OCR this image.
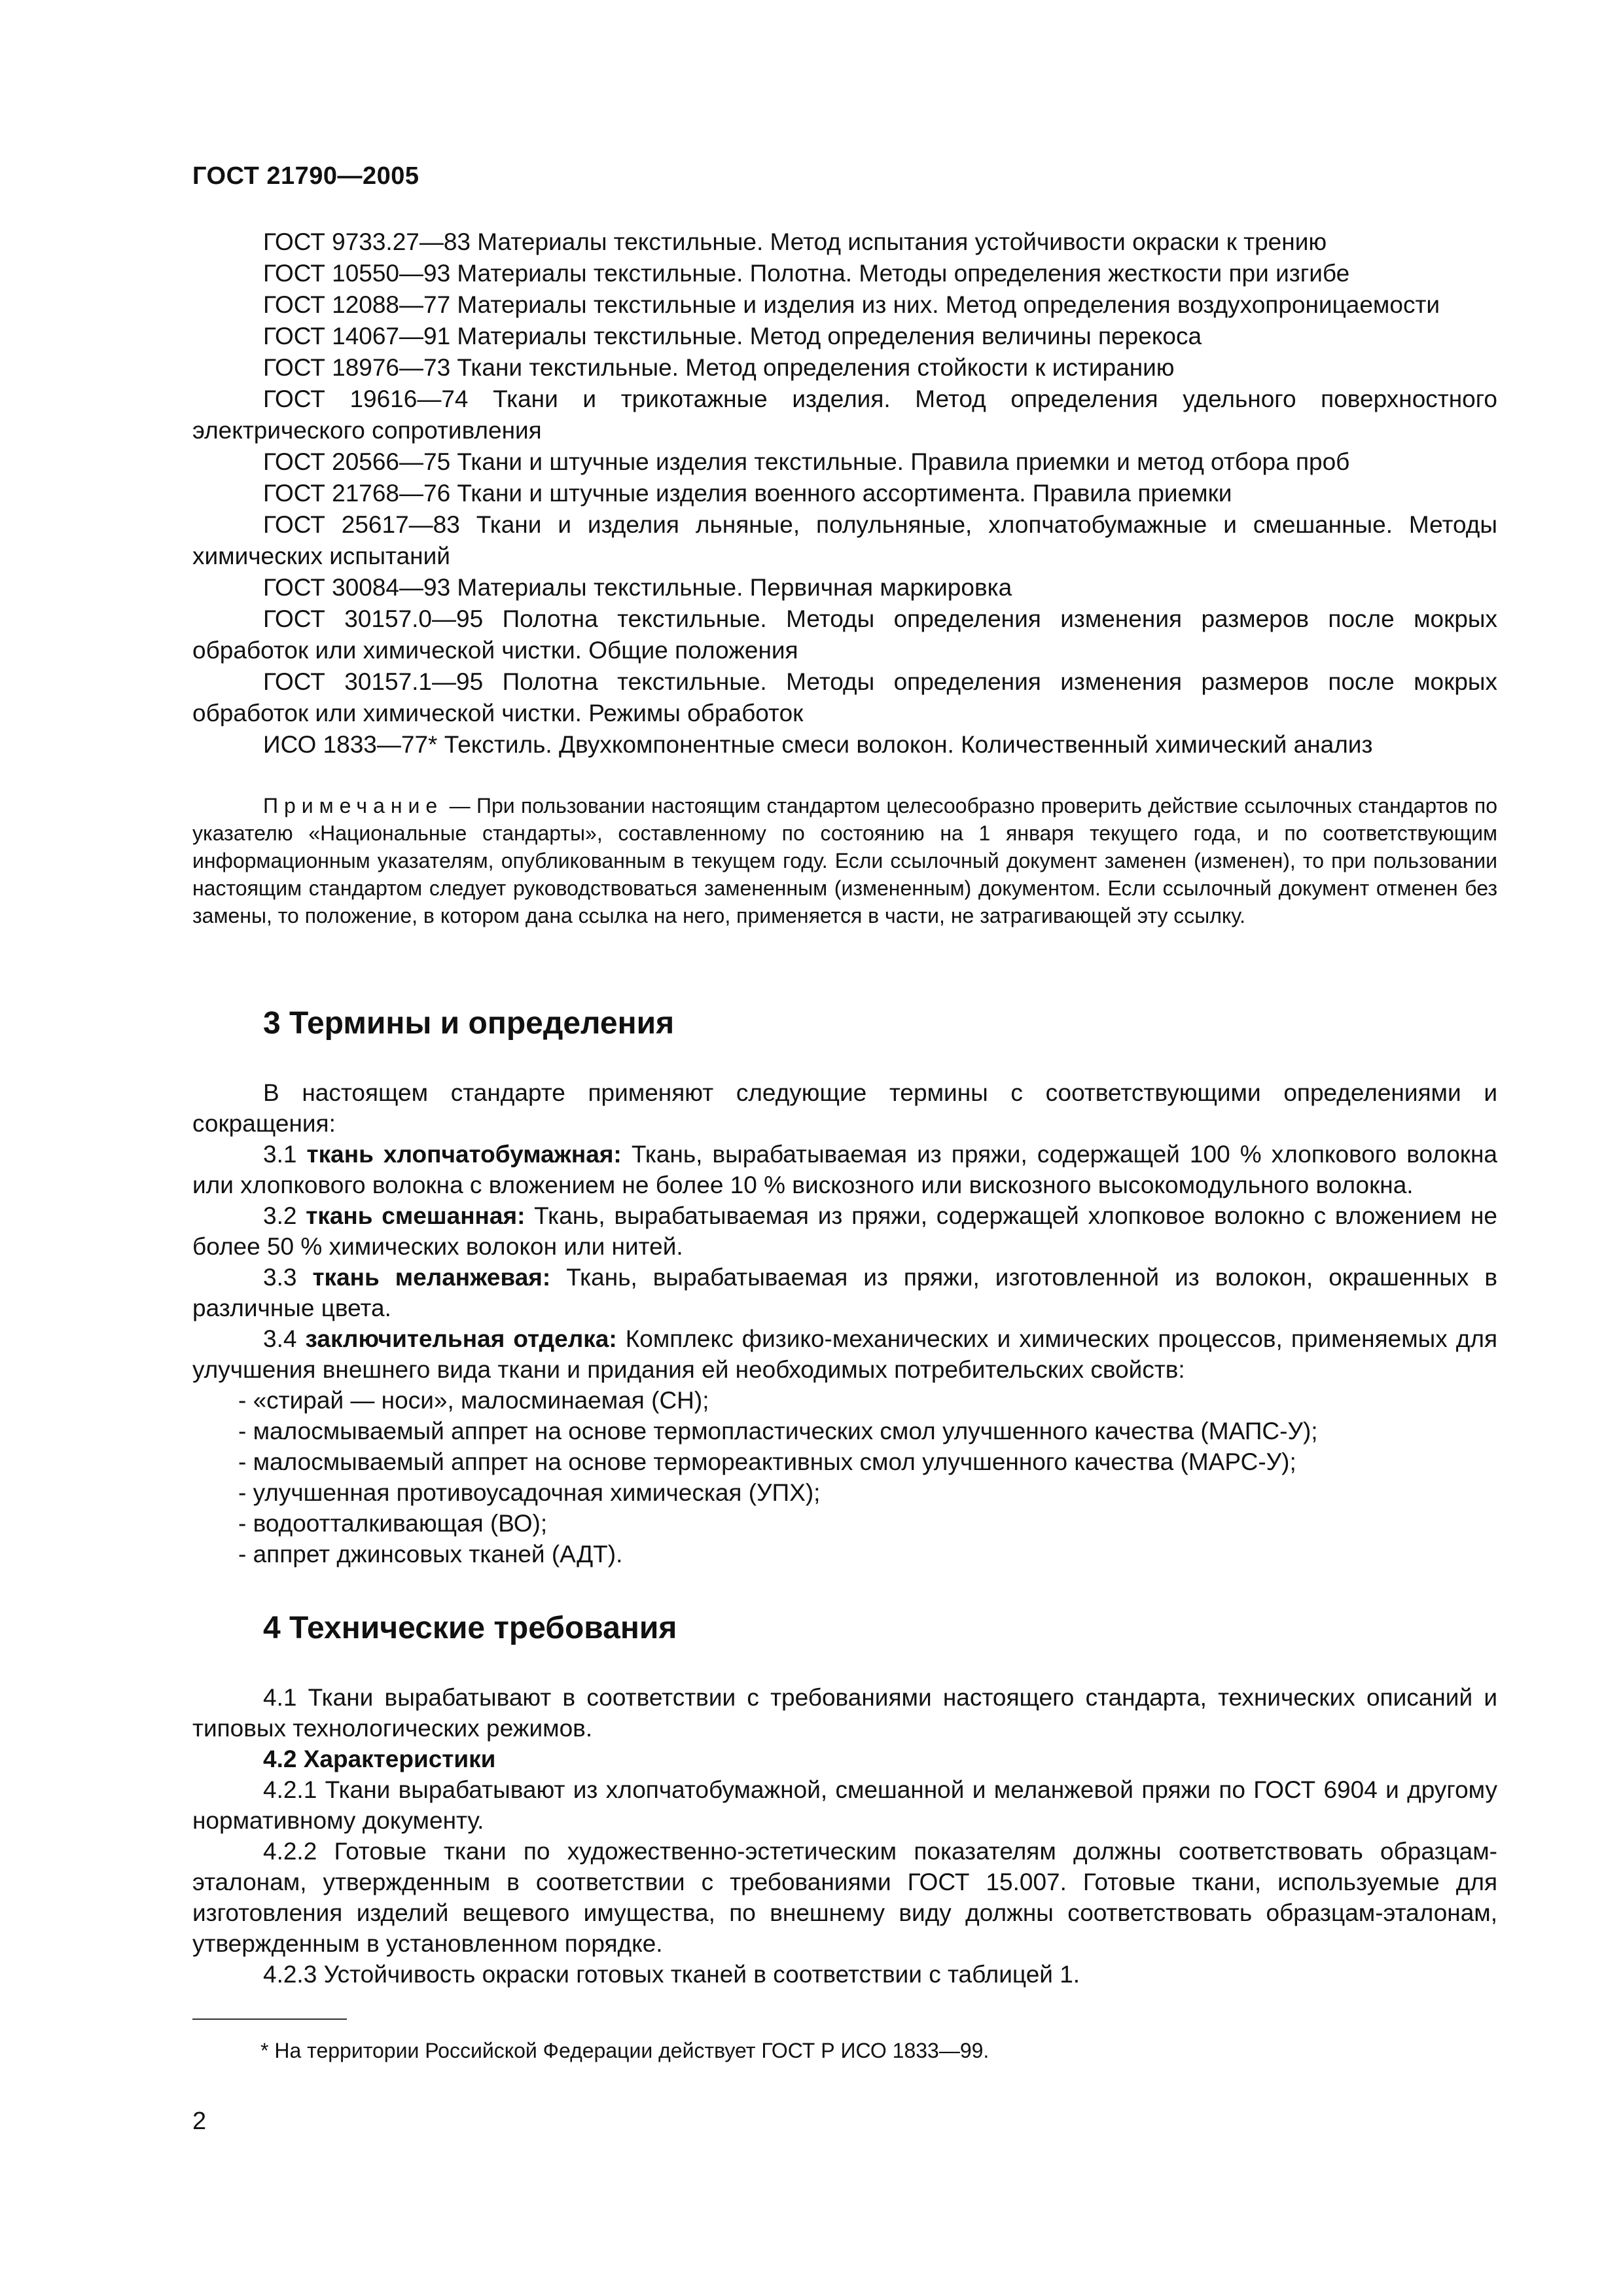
ГОСТ 21790—2005

ГОСТ 9733.27—83 Материалы текстильные. Метод испытания устойчивости окраски к трению

ГОСТ 10550—93 Материалы текстильные. Полотна. Методы определения жесткости при изгибе

ГОСТ 12088—77 Материалы текстильные и изделия из них. Метод определения воздухопроницаемости

ГОСТ 14067—91 Материалы текстильные. Метод определения величины перекоса

ГОСТ 18976—73 Ткани текстильные. Метод определения стойкости к истиранию

ГОСТ 19616—74 Ткани и трикотажные изделия. Метод определения удельного поверхностного электрического сопротивления

ГОСТ 20566—75 Ткани и штучные изделия текстильные. Правила приемки и метод отбора проб

ГОСТ 21768—76 Ткани и штучные изделия военного ассортимента. Правила приемки

ГОСТ 25617—83 Ткани и изделия льняные, полульняные, хлопчатобумажные и смешанные. Методы химических испытаний

ГОСТ 30084—93 Материалы текстильные. Первичная маркировка

ГОСТ 30157.0—95 Полотна текстильные. Методы определения изменения размеров после мокрых обработок или химической чистки. Общие положения

ГОСТ 30157.1—95 Полотна текстильные. Методы определения изменения размеров после мокрых обработок или химической чистки. Режимы обработок

ИСО 1833—77* Текстиль. Двухкомпонентные смеси волокон. Количественный химический анализ

Примечание — При пользовании настоящим стандартом целесообразно проверить действие ссылочных стандартов по указателю «Национальные стандарты», составленному по состоянию на 1 января текущего года, и по соответствующим информационным указателям, опубликованным в текущем году. Если ссылочный документ заменен (изменен), то при пользовании настоящим стандартом следует руководствоваться замененным (измененным) документом. Если ссылочный документ отменен без замены, то положение, в котором дана ссылка на него, применяется в части, не затрагивающей эту ссылку.

3 Термины и определения

В настоящем стандарте применяют следующие термины с соответствующими определениями и сокращения:

3.1 ткань хлопчатобумажная: Ткань, вырабатываемая из пряжи, содержащей 100 % хлопкового волокна или хлопкового волокна с вложением не более 10 % вискозного или вискозного высокомодульного волокна.

3.2 ткань смешанная: Ткань, вырабатываемая из пряжи, содержащей хлопковое волокно с вложением не более 50 % химических волокон или нитей.

3.3 ткань меланжевая: Ткань, вырабатываемая из пряжи, изготовленной из волокон, окрашенных в различные цвета.

3.4 заключительная отделка: Комплекс физико-механических и химических процессов, применяемых для улучшения внешнего вида ткани и придания ей необходимых потребительских свойств:

- «стирай — носи», малосминаемая (СН);
- малосмываемый аппрет на основе термопластических смол улучшенного качества (МАПС-У);
- малосмываемый аппрет на основе термореактивных смол улучшенного качества (МАРС-У);
- улучшенная противоусадочная химическая (УПХ);
- водоотталкивающая (ВО);
- аппрет джинсовых тканей (АДТ).
4 Технические требования

4.1 Ткани вырабатывают в соответствии с требованиями настоящего стандарта, технических описаний и типовых технологических режимов.

4.2 Характеристики

4.2.1 Ткани вырабатывают из хлопчатобумажной, смешанной и меланжевой пряжи по ГОСТ 6904 и другому нормативному документу.

4.2.2 Готовые ткани по художественно-эстетическим показателям должны соответствовать образцам-эталонам, утвержденным в соответствии с требованиями ГОСТ 15.007. Готовые ткани, используемые для изготовления изделий вещевого имущества, по внешнему виду должны соответствовать образцам-эталонам, утвержденным в установленном порядке.

4.2.3 Устойчивость окраски готовых тканей в соответствии с таблицей 1.

* На территории Российской Федерации действует ГОСТ Р ИСО 1833—99.
2
